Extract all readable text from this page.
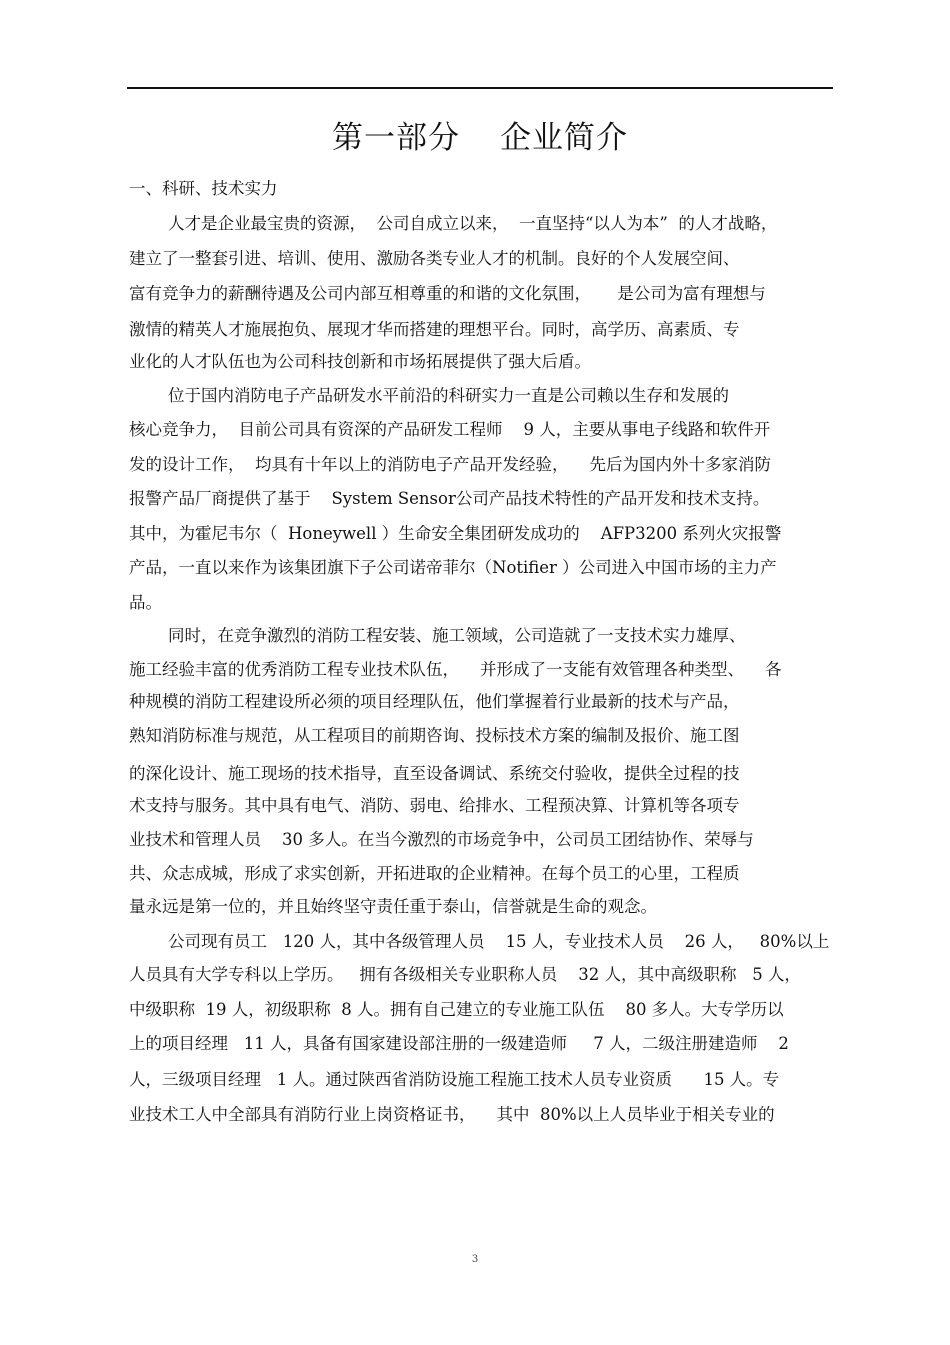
第一部分 企业简介
一、科研、技术实力
人才是企业最宝贵的资源，  公司自成立以来，  一直坚持“以人为本”  的人才战略，
建立了一整套引进、培训、使用、激励各类专业人才的机制。良好的个人发展空间、
富有竞争力的薪酬待遇及公司内部互相尊重的和谐的文化氛围，     是公司为富有理想与
激情的精英人才施展抱负、展现才华而搭建的理想平台。同时，高学历、高素质、专
业化的人才队伍也为公司科技创新和市场拓展提供了强大后盾。
位于国内消防电子产品研发水平前沿的科研实力一直是公司赖以生存和发展的
核心竞争力，  目前公司具有资深的产品研发工程师    9 人，主要从事电子线路和软件开
发的设计工作，  均具有十年以上的消防电子产品开发经验，    先后为国内外十多家消防
报警产品厂商提供了基于    System Sensor公司产品技术特性的产品开发和技术支持。
其中，为霍尼韦尔（  Honeywell ）生命安全集团研发成功的    AFP3200 系列火灾报警
产品，一直以来作为该集团旗下子公司诺帝菲尔（Notifier ）公司进入中国市场的主力产
品。
同时，在竞争激烈的消防工程安装、施工领域，公司造就了一支技术实力雄厚、
施工经验丰富的优秀消防工程专业技术队伍，    并形成了一支能有效管理各种类型、    各
种规模的消防工程建设所必须的项目经理队伍，他们掌握着行业最新的技术与产品，
熟知消防标准与规范，从工程项目的前期咨询、投标技术方案的编制及报价、施工图
的深化设计、施工现场的技术指导，直至设备调试、系统交付验收，提供全过程的技
术支持与服务。其中具有电气、消防、弱电、给排水、工程预决算、计算机等各项专
业技术和管理人员    30 多人。在当今激烈的市场竞争中，公司员工团结协作、荣辱与
共、众志成城，形成了求实创新，开拓进取的企业精神。在每个员工的心里，工程质
量永远是第一位的，并且始终坚守责任重于泰山，信誉就是生命的观念。
公司现有员工   120 人，其中各级管理人员    15 人，专业技术人员    26 人，   80%以上
人员具有大学专科以上学历。   拥有各级相关专业职称人员    32 人，其中高级职称   5 人，
中级职称  19 人，初级职称  8 人。拥有自己建立的专业施工队伍    80 多人。大专学历以
上的项目经理   11 人，具备有国家建设部注册的一级建造师     7 人，二级注册建造师    2
人，三级项目经理   1 人。通过陕西省消防设施工程施工技术人员专业资质      15 人。专
业技术工人中全部具有消防行业上岗资格证书，    其中  80%以上人员毕业于相关专业的
3
